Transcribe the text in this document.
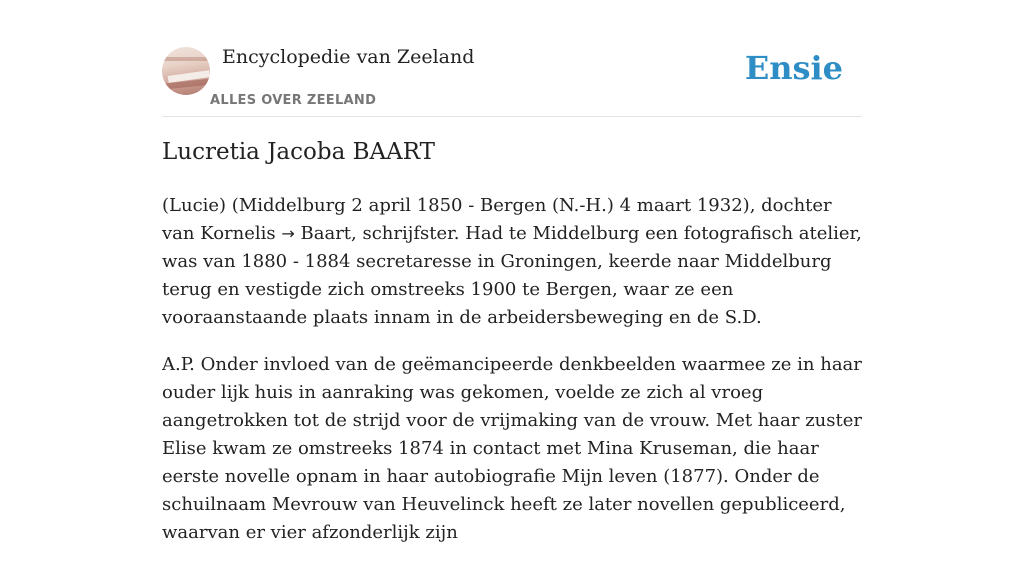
Encyclopedie van Zeeland
ALLES OVER ZEELAND
Ensie
Lucretia Jacoba BAART

(Lucie) (Middelburg 2 april 1850 - Bergen (N.-H.) 4 maart 1932), dochter van Kornelis → Baart, schrijfster. Had te Middelburg een fotografisch atelier, was van 1880 - 1884 secretaresse in Groningen, keerde naar Middelburg terug en vestigde zich omstreeks 1900 te Bergen, waar ze een vooraanstaande plaats innam in de arbeidersbeweging en de S.D.

A.P. Onder invloed van de geëmancipeerde denkbeelden waarmee ze in haar ouder lijk huis in aanraking was gekomen, voelde ze zich al vroeg aangetrokken tot de strijd voor de vrijmaking van de vrouw. Met haar zuster Elise kwam ze omstreeks 1874 in contact met Mina Kruseman, die haar eerste novelle opnam in haar autobiografie Mijn leven (1877). Onder de schuilnaam Mevrouw van Heuvelinck heeft ze later novellen gepubliceerd, waarvan er vier afzonderlijk zijn
